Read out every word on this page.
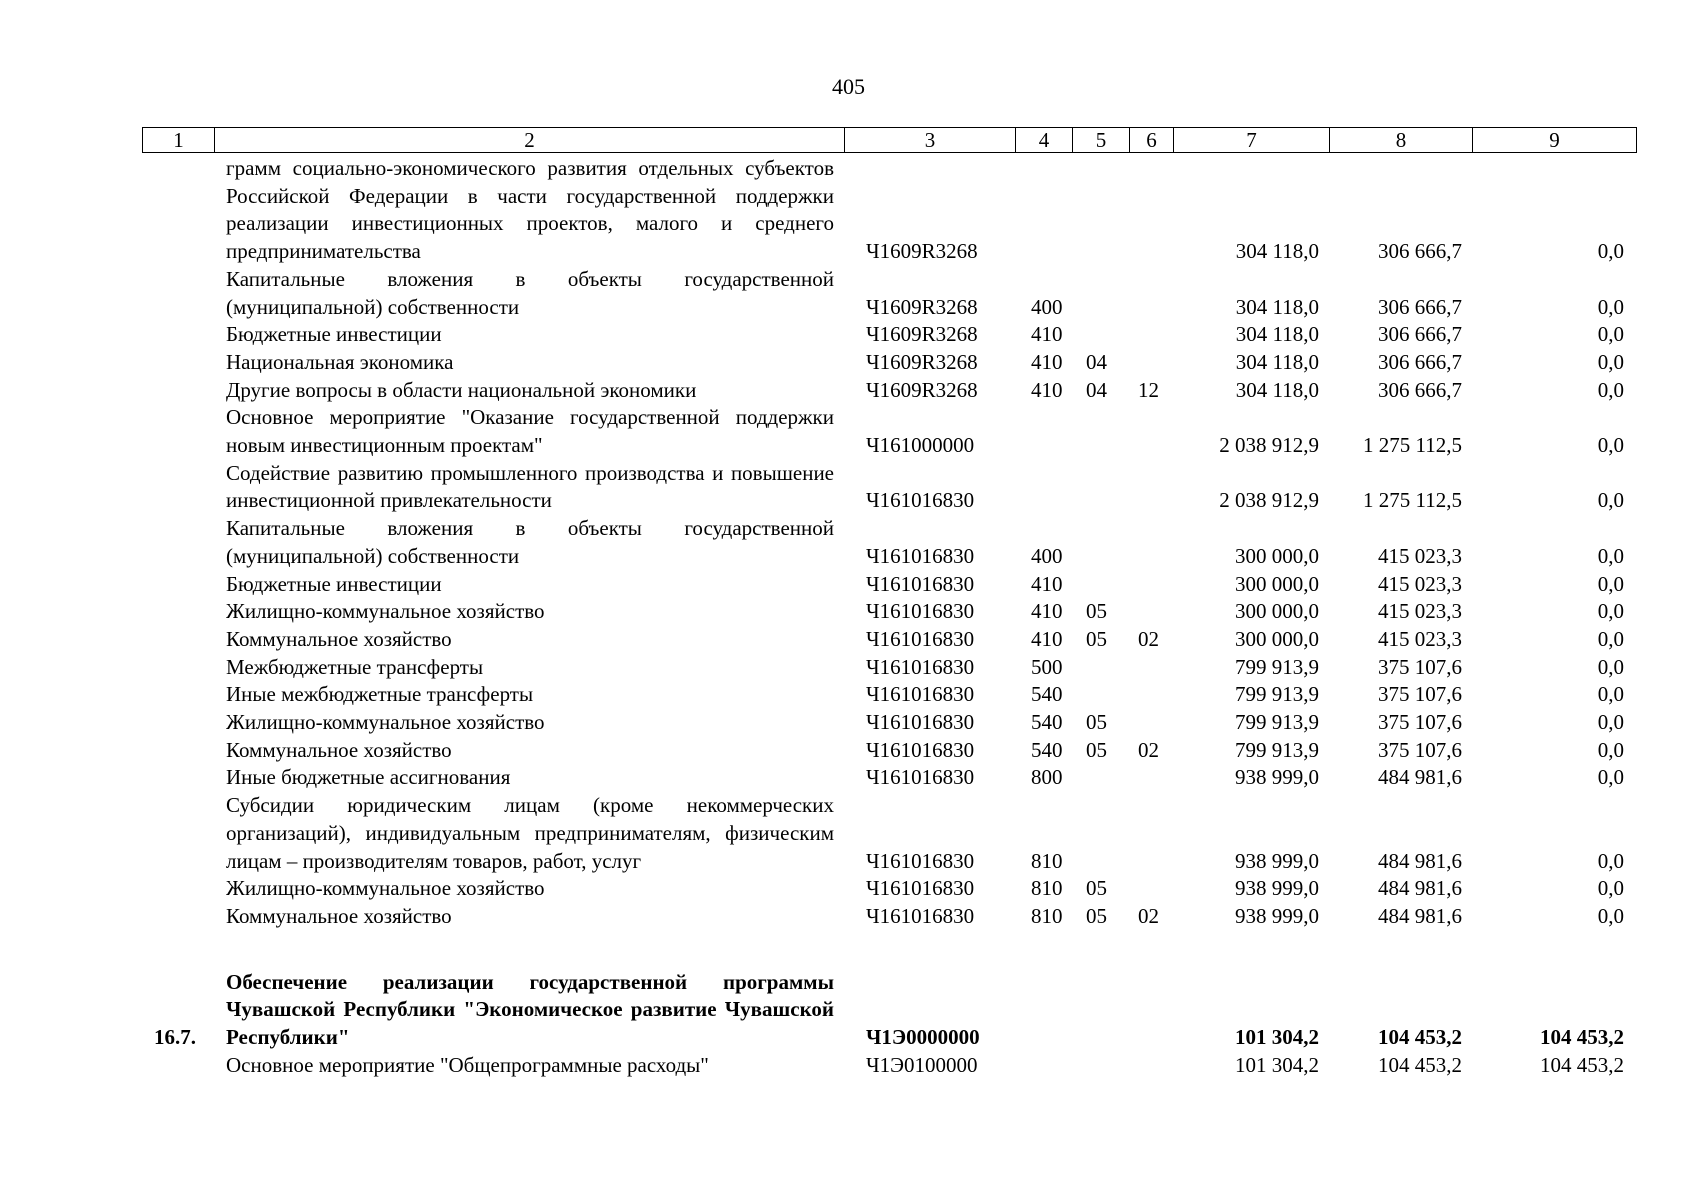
405
1	2	3	4	5	6	7	8	9
	грамм социально-экономического развития отдельных субъектов Российской Федерации в части государственной поддержки реализации инвестиционных проектов, малого и среднего предпринимательства	Ч1609R3268				304 118,0	306 666,7	0,0
	Капитальные вложения в объекты государственной (муниципальной) собственности	Ч1609R3268	400			304 118,0	306 666,7	0,0
	Бюджетные инвестиции	Ч1609R3268	410			304 118,0	306 666,7	0,0
	Национальная экономика	Ч1609R3268	410	04		304 118,0	306 666,7	0,0
	Другие вопросы в области национальной экономики	Ч1609R3268	410	04	12	304 118,0	306 666,7	0,0
	Основное мероприятие "Оказание государственной поддержки новым инвестиционным проектам"	Ч161000000				2 038 912,9	1 275 112,5	0,0
	Содействие развитию промышленного производства и повышение инвестиционной привлекательности	Ч161016830				2 038 912,9	1 275 112,5	0,0
	Капитальные вложения в объекты государственной (муниципальной) собственности	Ч161016830	400			300 000,0	415 023,3	0,0
	Бюджетные инвестиции	Ч161016830	410			300 000,0	415 023,3	0,0
	Жилищно-коммунальное хозяйство	Ч161016830	410	05		300 000,0	415 023,3	0,0
	Коммунальное хозяйство	Ч161016830	410	05	02	300 000,0	415 023,3	0,0
	Межбюджетные трансферты	Ч161016830	500			799 913,9	375 107,6	0,0
	Иные межбюджетные трансферты	Ч161016830	540			799 913,9	375 107,6	0,0
	Жилищно-коммунальное хозяйство	Ч161016830	540	05		799 913,9	375 107,6	0,0
	Коммунальное хозяйство	Ч161016830	540	05	02	799 913,9	375 107,6	0,0
	Иные бюджетные ассигнования	Ч161016830	800			938 999,0	484 981,6	0,0
	Субсидии юридическим лицам (кроме некоммерческих организаций), индивидуальным предпринимателям, физическим лицам – производителям товаров, работ, услуг	Ч161016830	810			938 999,0	484 981,6	0,0
	Жилищно-коммунальное хозяйство	Ч161016830	810	05		938 999,0	484 981,6	0,0
	Коммунальное хозяйство	Ч161016830	810	05	02	938 999,0	484 981,6	0,0

16.7.	Обеспечение реализации государственной программы Чувашской Республики "Экономическое развитие Чувашской Республики"	Ч1Э0000000				101 304,2	104 453,2	104 453,2
	Основное мероприятие "Общепрограммные расходы"	Ч1Э0100000				101 304,2	104 453,2	104 453,2
